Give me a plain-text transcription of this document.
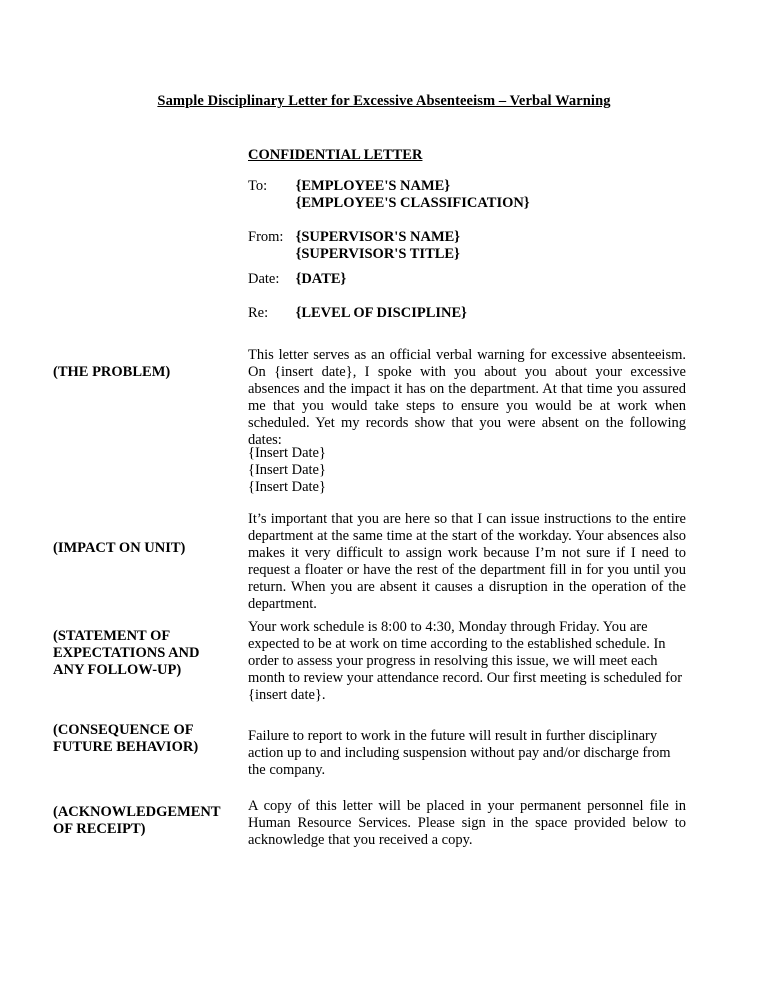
Sample Disciplinary Letter for Excessive Absenteeism – Verbal Warning
CONFIDENTIAL LETTER
To: {EMPLOYEE'S NAME}
{EMPLOYEE'S CLASSIFICATION}
From: {SUPERVISOR'S NAME}
{SUPERVISOR'S TITLE}
Date: {DATE}
Re: {LEVEL OF DISCIPLINE}
(THE PROBLEM)
This letter serves as an official verbal warning for excessive absenteeism. On {insert date}, I spoke with you about you about your excessive absences and the impact it has on the department. At that time you assured me that you would take steps to ensure you would be at work when scheduled. Yet my records show that you were absent on the following dates:
{Insert Date}
{Insert Date}
{Insert Date}
(IMPACT ON UNIT)
It’s important that you are here so that I can issue instructions to the entire department at the same time at the start of the workday. Your absences also makes it very difficult to assign work because I’m not sure if I need to request a floater or have the rest of the department fill in for you until you return. When you are absent it causes a disruption in the operation of the department.
(STATEMENT OF EXPECTATIONS AND ANY FOLLOW-UP)
Your work schedule is 8:00 to 4:30, Monday through Friday. You are expected to be at work on time according to the established schedule. In order to assess your progress in resolving this issue, we will meet each month to review your attendance record. Our first meeting is scheduled for {insert date}.
(CONSEQUENCE OF FUTURE BEHAVIOR)
Failure to report to work in the future will result in further disciplinary action up to and including suspension without pay and/or discharge from the company.
(ACKNOWLEDGEMENT OF RECEIPT)
A copy of this letter will be placed in your permanent personnel file in Human Resource Services. Please sign in the space provided below to acknowledge that you received a copy.
